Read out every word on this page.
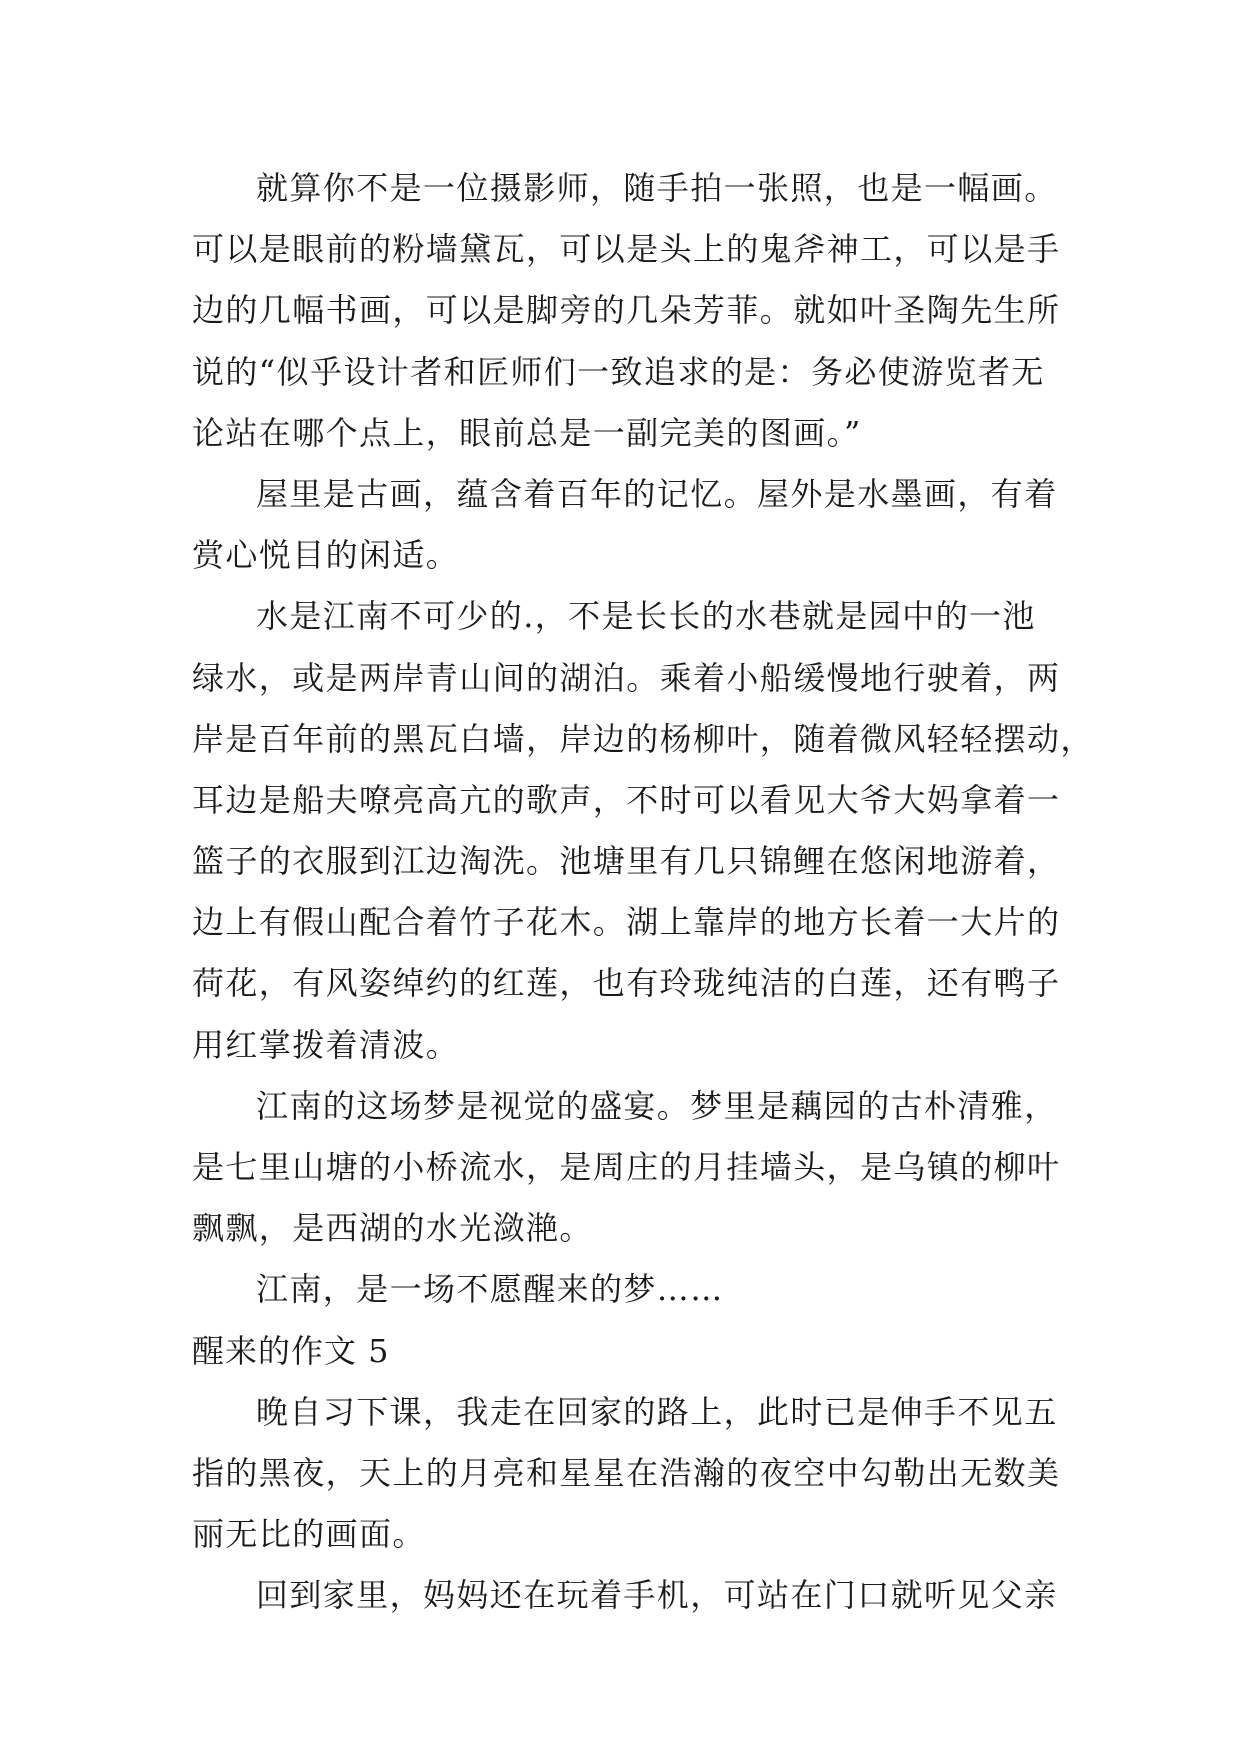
就算你不是一位摄影师，随手拍一张照，也是一幅画。
可以是眼前的粉墙黛瓦，可以是头上的鬼斧神工，可以是手
边的几幅书画，可以是脚旁的几朵芳菲。就如叶圣陶先生所
说的“似乎设计者和匠师们一致追求的是：务必使游览者无
论站在哪个点上，眼前总是一副完美的图画。”
屋里是古画，蕴含着百年的记忆。屋外是水墨画，有着
赏心悦目的闲适。
水是江南不可少的.，不是长长的水巷就是园中的一池
绿水，或是两岸青山间的湖泊。乘着小船缓慢地行驶着，两
岸是百年前的黑瓦白墙，岸边的杨柳叶，随着微风轻轻摆动，
耳边是船夫嘹亮高亢的歌声，不时可以看见大爷大妈拿着一
篮子的衣服到江边淘洗。池塘里有几只锦鲤在悠闲地游着，
边上有假山配合着竹子花木。湖上靠岸的地方长着一大片的
荷花，有风姿绰约的红莲，也有玲珑纯洁的白莲，还有鸭子
用红掌拨着清波。
江南的这场梦是视觉的盛宴。梦里是藕园的古朴清雅，
是七里山塘的小桥流水，是周庄的月挂墙头，是乌镇的柳叶
飘飘，是西湖的水光潋滟。
江南，是一场不愿醒来的梦……
醒来的作文 5
晚自习下课，我走在回家的路上，此时已是伸手不见五
指的黑夜，天上的月亮和星星在浩瀚的夜空中勾勒出无数美
丽无比的画面。
回到家里，妈妈还在玩着手机，可站在门口就听见父亲
